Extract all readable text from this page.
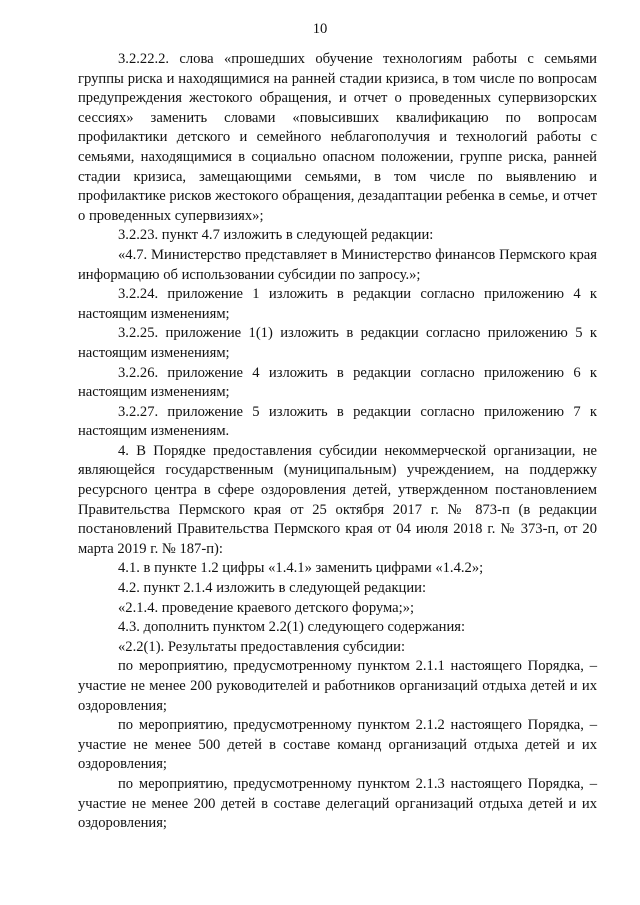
10

3.2.22.2. слова «прошедших обучение технологиям работы с семьями группы риска и находящимися на ранней стадии кризиса, в том числе по вопросам предупреждения жестокого обращения, и отчет о проведенных супервизорских сессиях» заменить словами «повысивших квалификацию по вопросам профилактики детского и семейного неблагополучия и технологий работы с семьями, находящимися в социально опасном положении, группе риска, ранней стадии кризиса, замещающими семьями, в том числе по выявлению и профилактике рисков жестокого обращения, дезадаптации ребенка в семье, и отчет о проведенных супервизиях»;

3.2.23. пункт 4.7 изложить в следующей редакции:

«4.7. Министерство представляет в Министерство финансов Пермского края информацию об использовании субсидии по запросу.»;

3.2.24. приложение 1 изложить в редакции согласно приложению 4 к настоящим изменениям;

3.2.25. приложение 1(1) изложить в редакции согласно приложению 5 к настоящим изменениям;

3.2.26. приложение 4 изложить в редакции согласно приложению 6 к настоящим изменениям;

3.2.27. приложение 5 изложить в редакции согласно приложению 7 к настоящим изменениям.

4. В Порядке предоставления субсидии некоммерческой организации, не являющейся государственным (муниципальным) учреждением, на поддержку ресурсного центра в сфере оздоровления детей, утвержденном постановлением Правительства Пермского края от 25 октября 2017 г. № 873-п (в редакции постановлений Правительства Пермского края от 04 июля 2018 г. № 373-п, от 20 марта 2019 г. № 187-п):

4.1. в пункте 1.2 цифры «1.4.1» заменить цифрами «1.4.2»;

4.2. пункт 2.1.4 изложить в следующей редакции:

«2.1.4. проведение краевого детского форума;»;

4.3. дополнить пунктом 2.2(1) следующего содержания:

«2.2(1). Результаты предоставления субсидии:

по мероприятию, предусмотренному пунктом 2.1.1 настоящего Порядка, – участие не менее 200 руководителей и работников организаций отдыха детей и их оздоровления;

по мероприятию, предусмотренному пунктом 2.1.2 настоящего Порядка, – участие не менее 500 детей в составе команд организаций отдыха детей и их оздоровления;

по мероприятию, предусмотренному пунктом 2.1.3 настоящего Порядка, – участие не менее 200 детей в составе делегаций организаций отдыха детей и их оздоровления;
